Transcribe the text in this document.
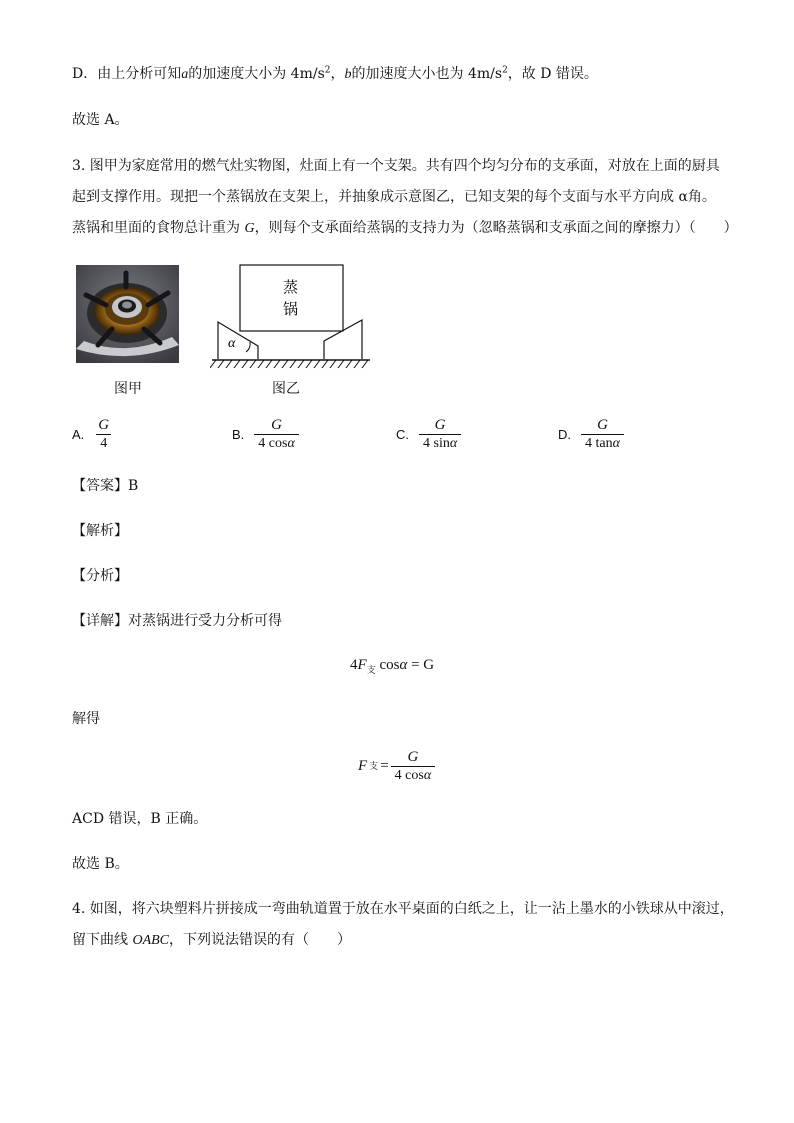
D．由上分析可知a的加速度大小为 $4m/s^2$，b的加速度大小也为 $4m/s^2$，故 D 错误。
故选 A。
3. 图甲为家庭常用的燃气灶实物图，灶面上有一个支架。共有四个均匀分布的支承面，对放在上面的厨具
起到支撑作用。现把一个蒸锅放在支架上，并抽象成示意图乙，已知支架的每个支面与水平方向成 α角。
蒸锅和里面的食物总计重为 G，则每个支承面给蒸锅的支持力为（忽略蒸锅和支承面之间的摩擦力）（　　）
图甲
蒸
锅
α
图乙
A. $\frac{G}{4}$	B. $\frac{G}{4 \cos\alpha}$	C. $\frac{G}{4 \sin\alpha}$	D. $\frac{G}{4 \tan\alpha}$
【答案】B
【解析】
【分析】
【详解】对蒸锅进行受力分析可得
$4F_支$ cosα = G
解得
F 支 = $\frac{G}{4 \cos\alpha}$
ACD 错误，B 正确。
故选 B。
4. 如图，将六块塑料片拼接成一弯曲轨道置于放在水平桌面的白纸之上，让一沾上墨水的小铁球从中滚过，
留下曲线 OABC，下列说法错误的有（　　）
